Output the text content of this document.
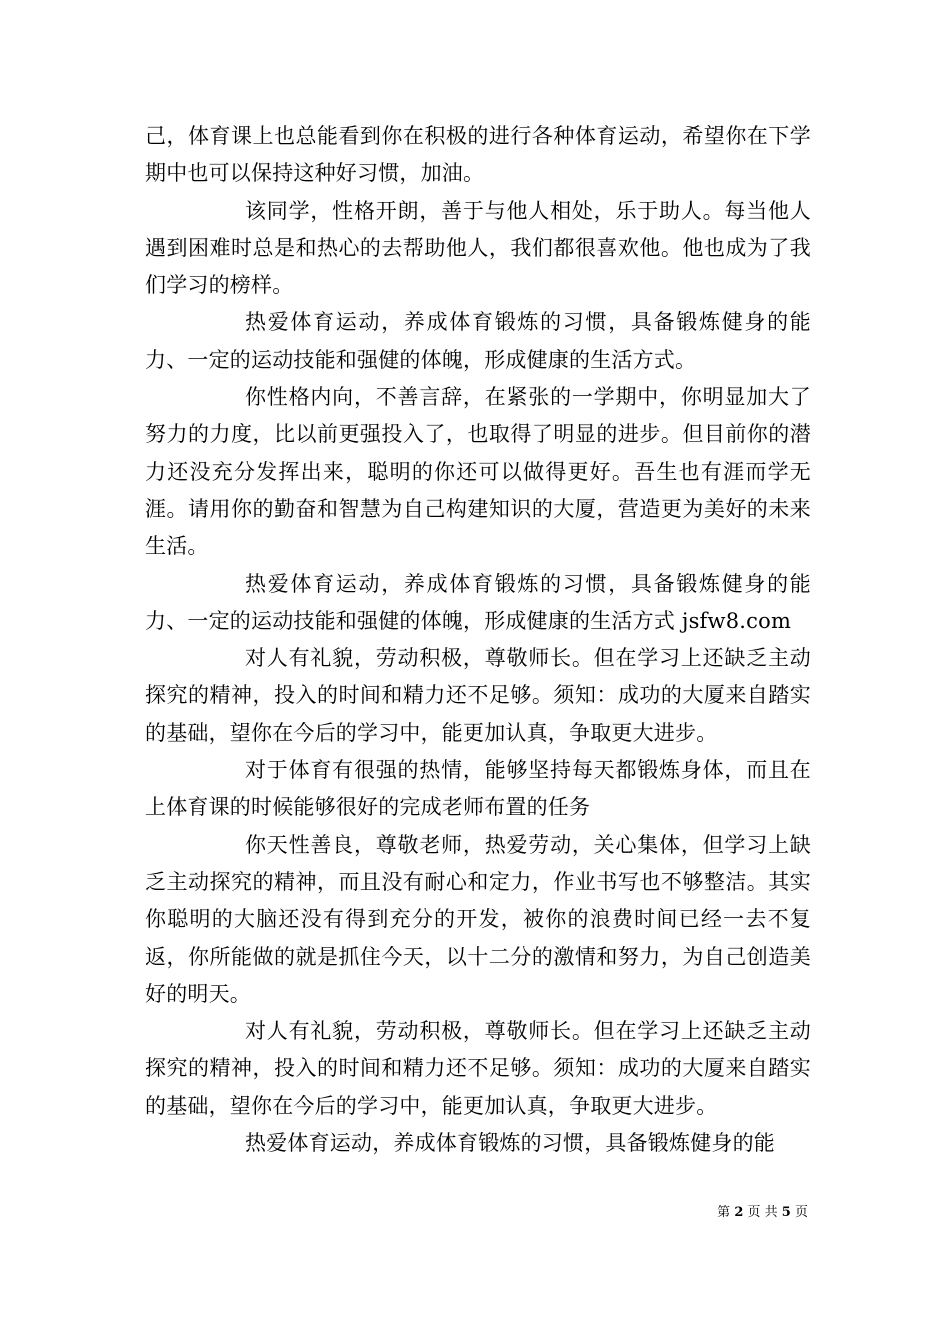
己，体育课上也总能看到你在积极的进行各种体育运动，希望你在下学期中也可以保持这种好习惯，加油。

该同学，性格开朗，善于与他人相处，乐于助人。每当他人遇到困难时总是和热心的去帮助他人，我们都很喜欢他。他也成为了我们学习的榜样。

热爱体育运动，养成体育锻炼的习惯，具备锻炼健身的能力、一定的运动技能和强健的体魄，形成健康的生活方式。

你性格内向，不善言辞，在紧张的一学期中，你明显加大了努力的力度，比以前更强投入了，也取得了明显的进步。但目前你的潜力还没充分发挥出来，聪明的你还可以做得更好。吾生也有涯而学无涯。请用你的勤奋和智慧为自己构建知识的大厦，营造更为美好的未来生活。

热爱体育运动，养成体育锻炼的习惯，具备锻炼健身的能力、一定的运动技能和强健的体魄，形成健康的生活方式 jsfw8.com

对人有礼貌，劳动积极，尊敬师长。但在学习上还缺乏主动探究的精神，投入的时间和精力还不足够。须知：成功的大厦来自踏实的基础，望你在今后的学习中，能更加认真，争取更大进步。

对于体育有很强的热情，能够坚持每天都锻炼身体，而且在上体育课的时候能够很好的完成老师布置的任务

你天性善良，尊敬老师，热爱劳动，关心集体，但学习上缺乏主动探究的精神，而且没有耐心和定力，作业书写也不够整洁。其实你聪明的大脑还没有得到充分的开发，被你的浪费时间已经一去不复返，你所能做的就是抓住今天，以十二分的激情和努力，为自己创造美好的明天。

对人有礼貌，劳动积极，尊敬师长。但在学习上还缺乏主动探究的精神，投入的时间和精力还不足够。须知：成功的大厦来自踏实的基础，望你在今后的学习中，能更加认真，争取更大进步。

热爱体育运动，养成体育锻炼的习惯，具备锻炼健身的能

第 2 页 共 5 页
